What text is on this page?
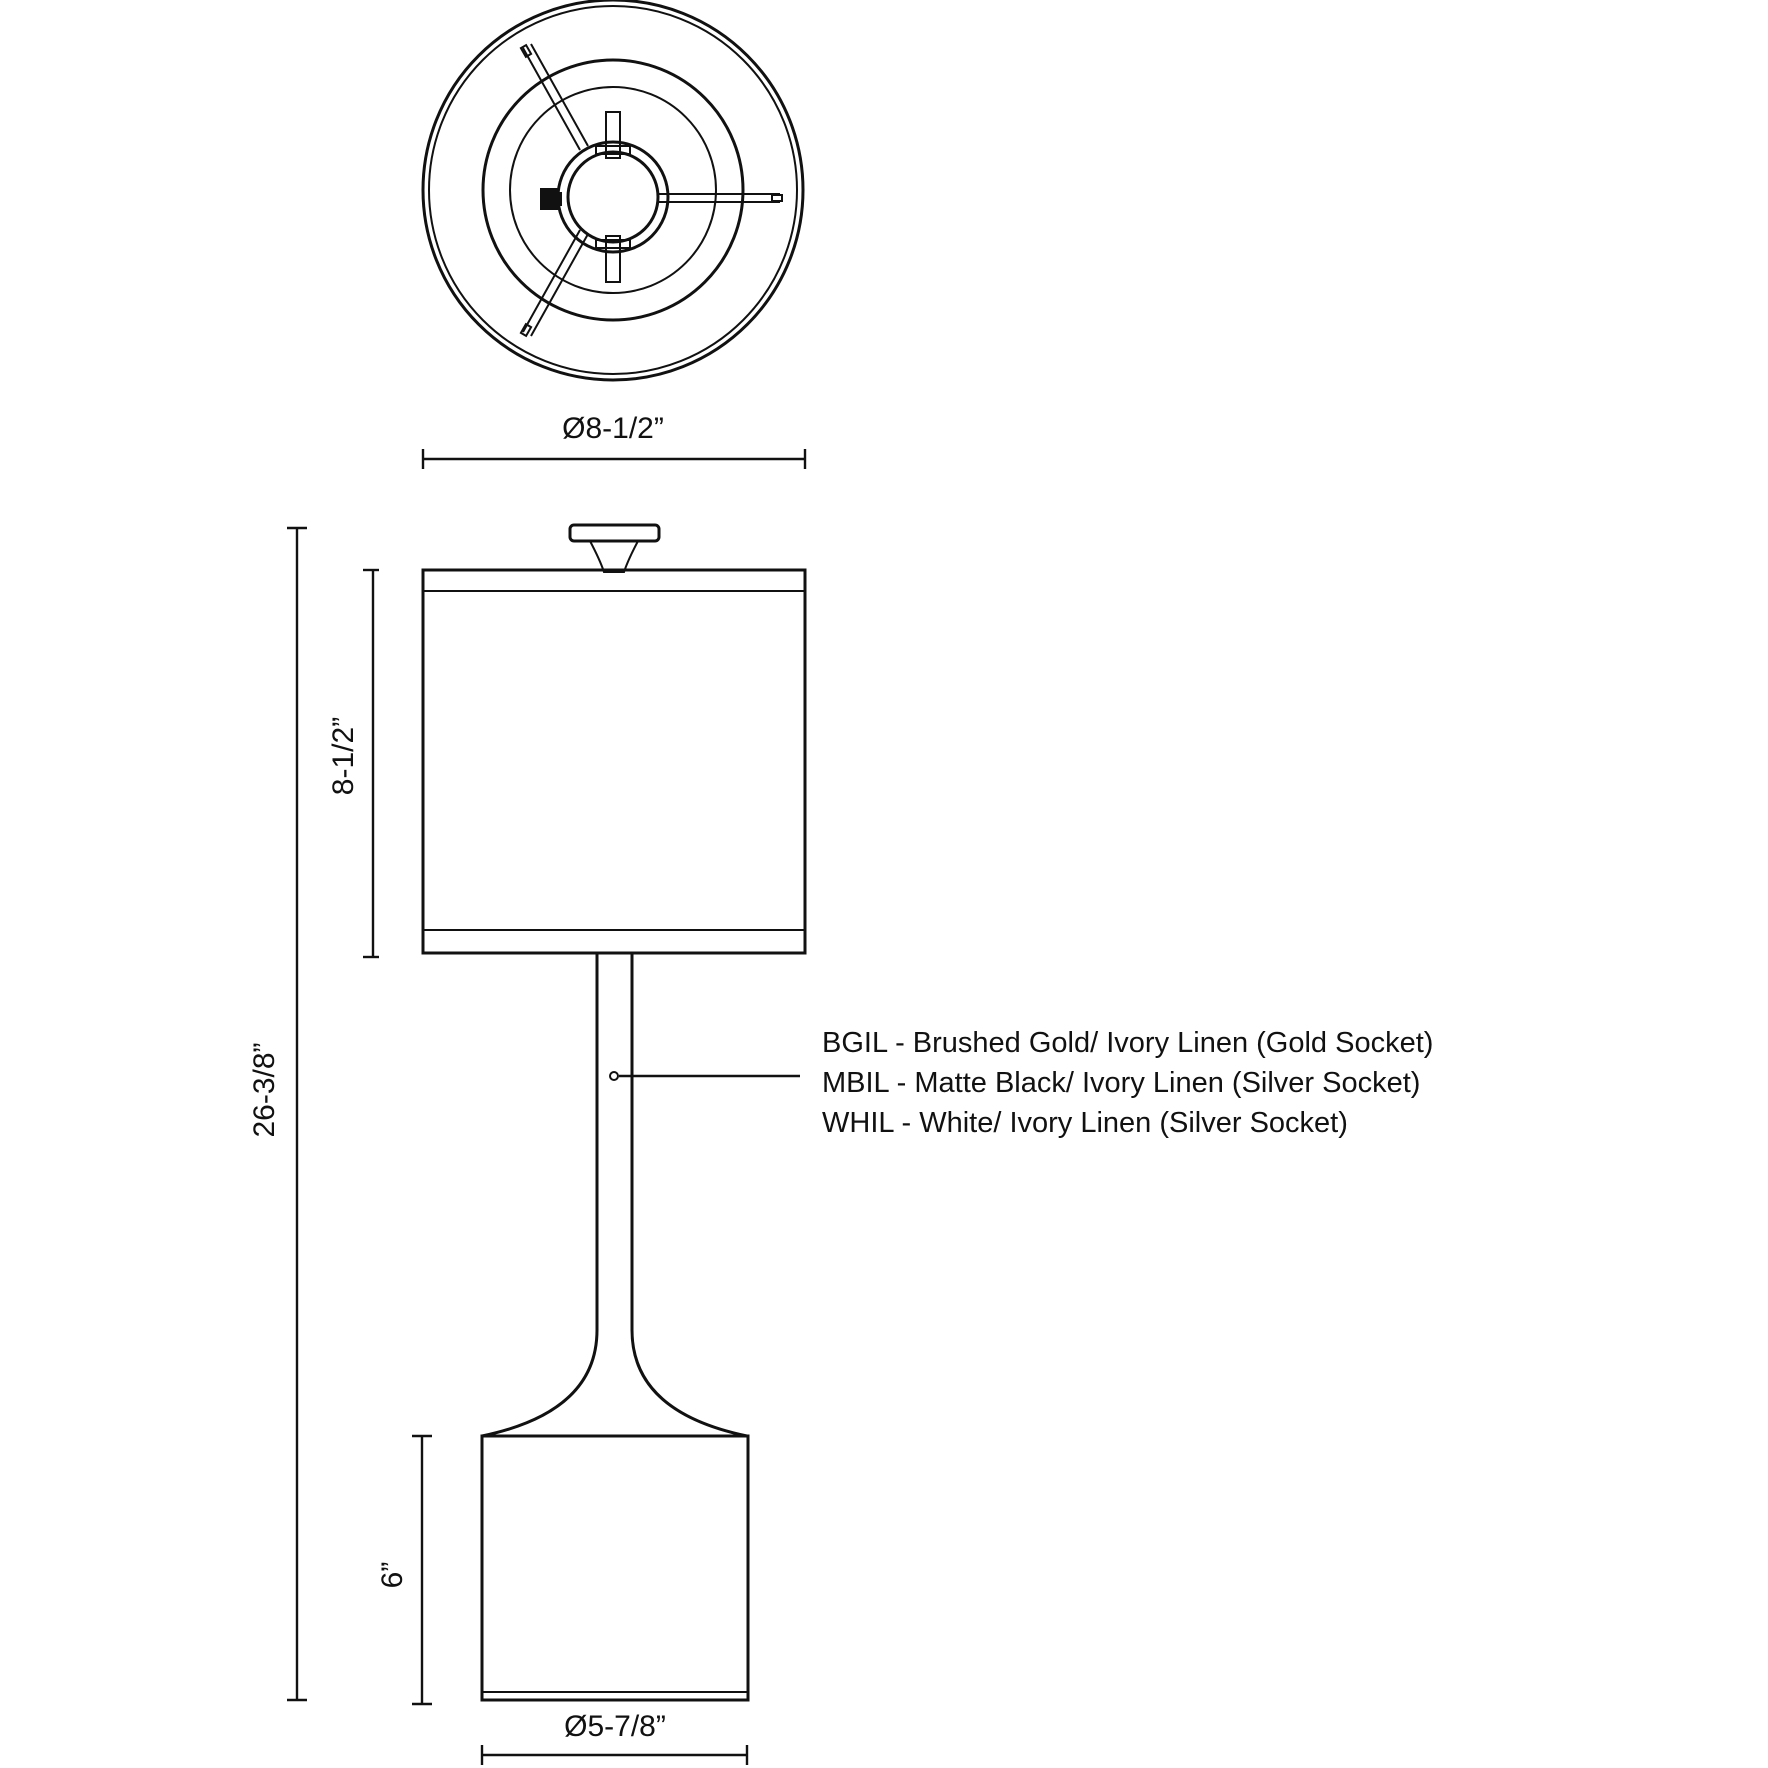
Ø8-1/2”
26-3/8”
8-1/2”
6”
Ø5-7/8”
BGIL - Brushed Gold/ Ivory Linen (Gold Socket)
MBIL - Matte Black/ Ivory Linen (Silver Socket)
WHIL - White/ Ivory Linen (Silver Socket)
